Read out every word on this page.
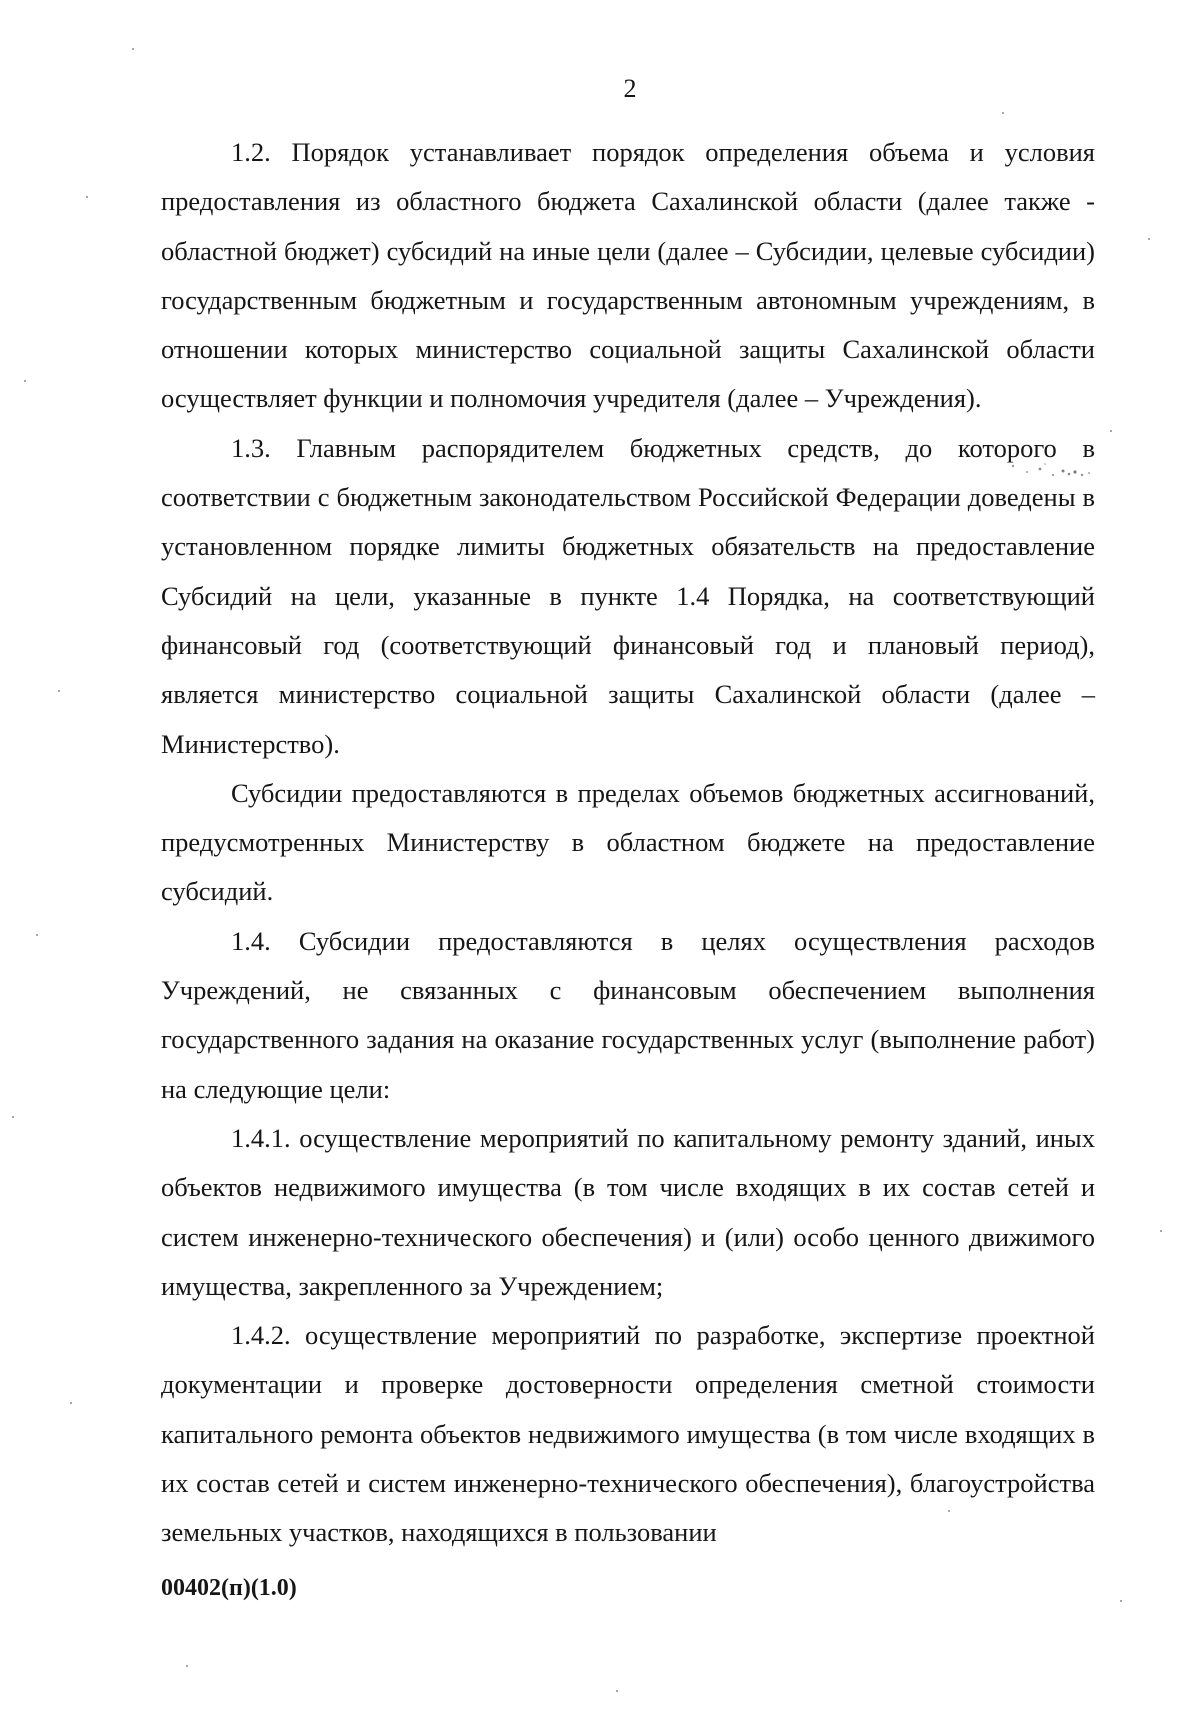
2

1.2. Порядок устанавливает порядок определения объема и условия предоставления из областного бюджета Сахалинской области (далее также - областной бюджет) субсидий на иные цели (далее – Субсидии, целевые субсидии) государственным бюджетным и государственным автономным учреждениям, в отношении которых министерство социальной защиты Сахалинской области осуществляет функции и полномочия учредителя (далее – Учреждения).

1.3. Главным распорядителем бюджетных средств, до которого в соответствии с бюджетным законодательством Российской Федерации доведены в установленном порядке лимиты бюджетных обязательств на предоставление Субсидий на цели, указанные в пункте 1.4 Порядка, на соответствующий финансовый год (соответствующий финансовый год и плановый период), является министерство социальной защиты Сахалинской области (далее – Министерство).

Субсидии предоставляются в пределах объемов бюджетных ассигнований, предусмотренных Министерству в областном бюджете на предоставление субсидий.

1.4. Субсидии предоставляются в целях осуществления расходов Учреждений, не связанных с финансовым обеспечением выполнения государственного задания на оказание государственных услуг (выполнение работ) на следующие цели:

1.4.1. осуществление мероприятий по капитальному ремонту зданий, иных объектов недвижимого имущества (в том числе входящих в их состав сетей и систем инженерно-технического обеспечения) и (или) особо ценного движимого имущества, закрепленного за Учреждением;

1.4.2. осуществление мероприятий по разработке, экспертизе проектной документации и проверке достоверности определения сметной стоимости капитального ремонта объектов недвижимого имущества (в том числе входящих в их состав сетей и систем инженерно-технического обеспечения), благоустройства земельных участков, находящихся в пользовании

00402(п)(1.0)
